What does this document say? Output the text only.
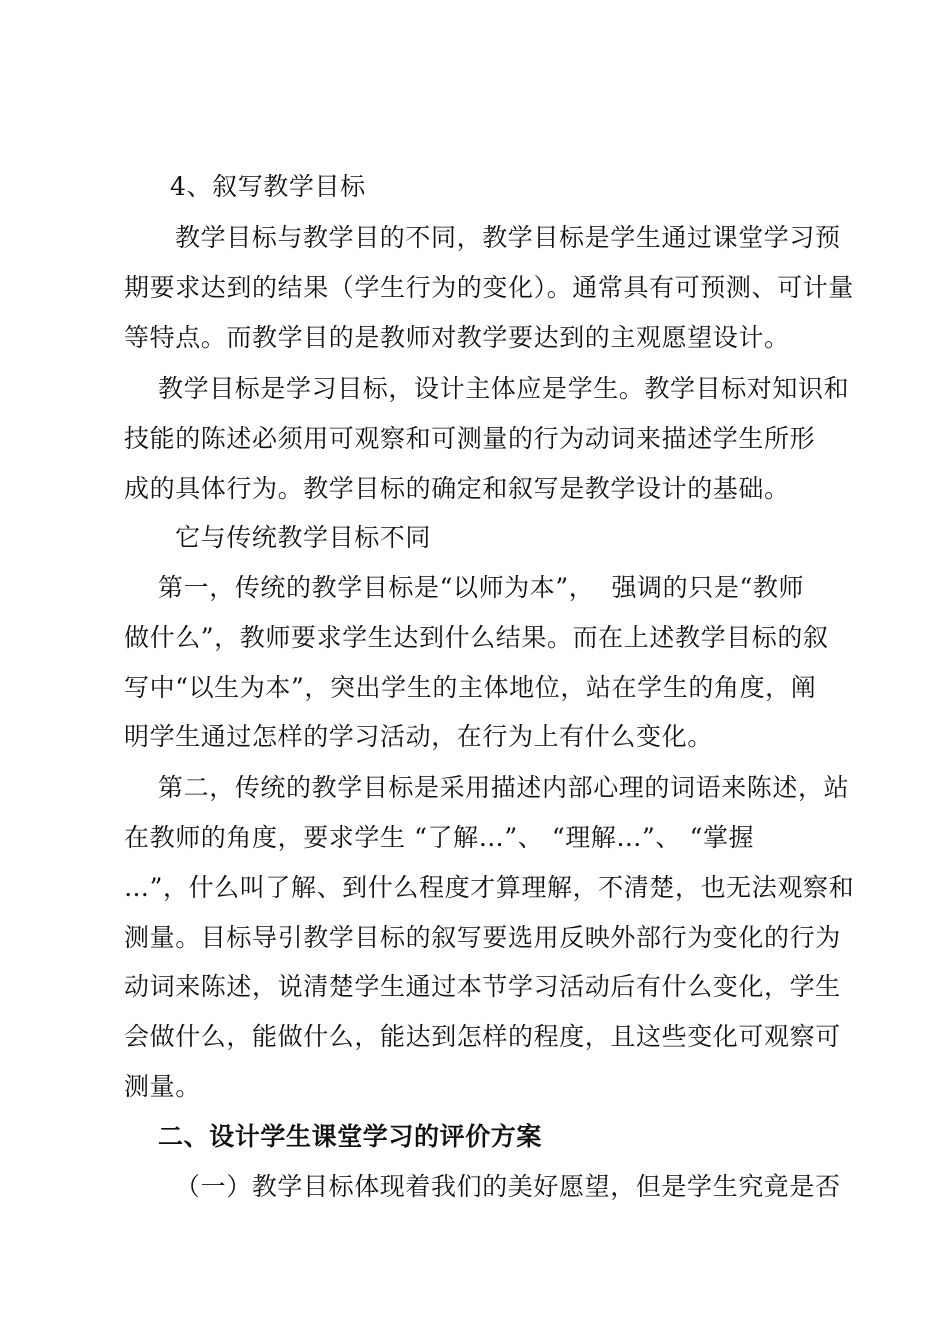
4、叙写教学目标
教学目标与教学目的不同，教学目标是学生通过课堂学习预
期要求达到的结果（学生行为的变化）。通常具有可预测、可计量
等特点。而教学目的是教师对教学要达到的主观愿望设计。
教学目标是学习目标，设计主体应是学生。教学目标对知识和
技能的陈述必须用可观察和可测量的行为动词来描述学生所形
成的具体行为。教学目标的确定和叙写是教学设计的基础。
它与传统教学目标不同
第一，传统的教学目标是“以师为本”，  强调的只是“教师
做什么”，教师要求学生达到什么结果。而在上述教学目标的叙
写中“以生为本”，突出学生的主体地位，站在学生的角度，阐
明学生通过怎样的学习活动，在行为上有什么变化。
第二，传统的教学目标是采用描述内部心理的词语来陈述，站
在教师的角度，要求学生 “了解…”、 “理解…”、 “掌握
…”，什么叫了解、到什么程度才算理解，不清楚，也无法观察和
测量。目标导引教学目标的叙写要选用反映外部行为变化的行为
动词来陈述，说清楚学生通过本节学习活动后有什么变化，学生
会做什么，能做什么，能达到怎样的程度，且这些变化可观察可
测量。
二、设计学生课堂学习的评价方案
（一）教学目标体现着我们的美好愿望，但是学生究竟是否
